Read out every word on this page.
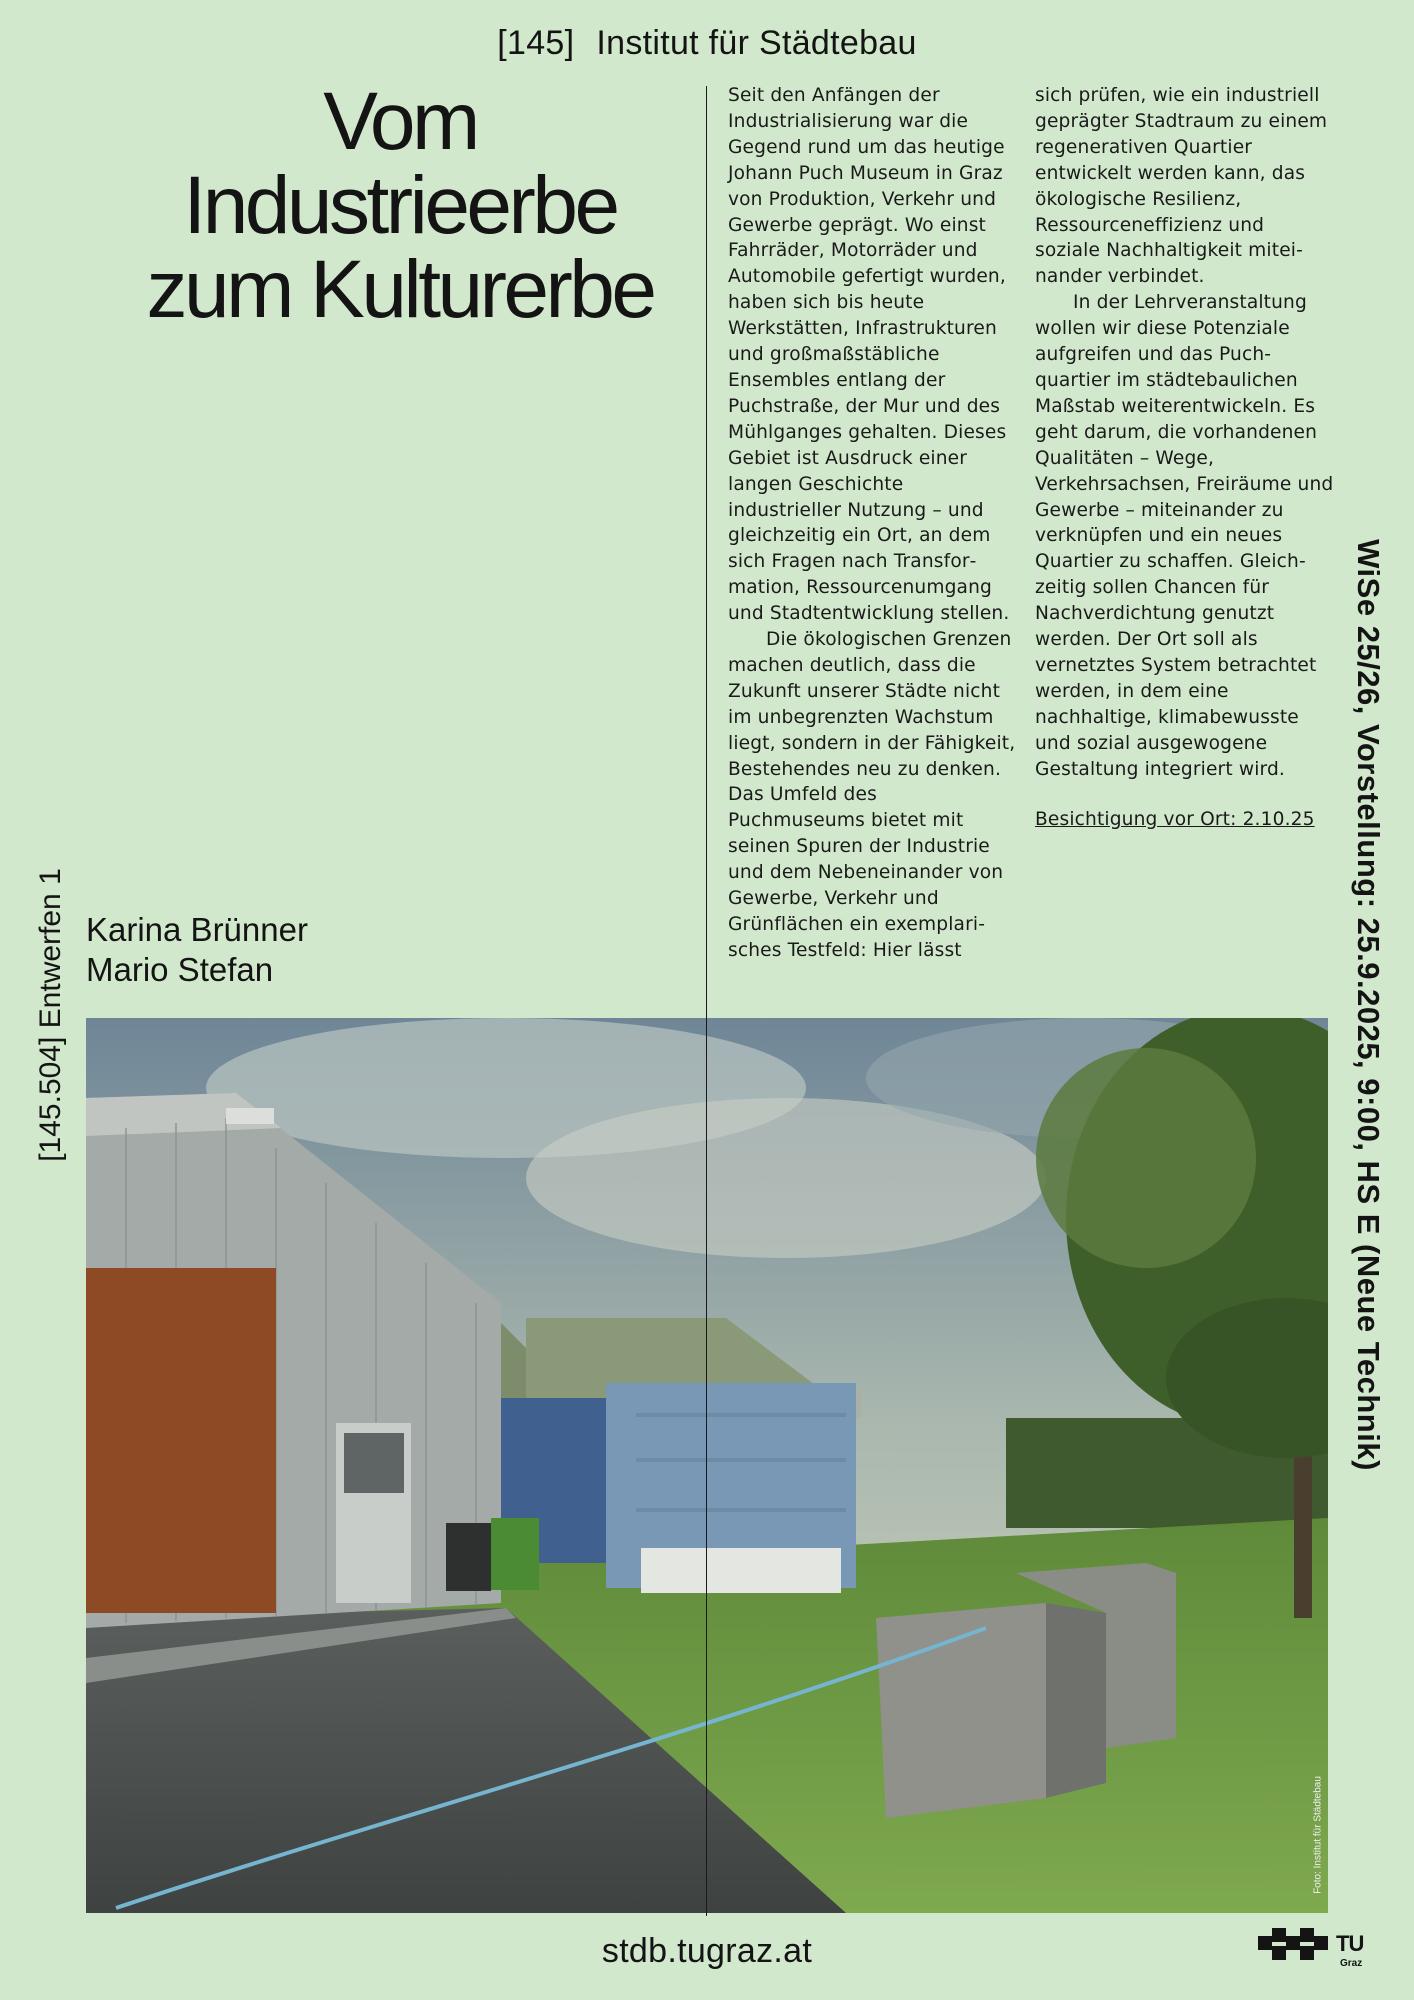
[145] Institut für Städtebau
Vom
Industrieerbe
zum Kulturerbe
Karina Brünner
Mario Stefan
[145.504] Entwerfen 1	WiSe 25/26, Vorstellung: 25.9.2025, 9:00, HS E (Neue Technik)

Seit den Anfängen der Industrialisierung war die Gegend rund um das heutige Johann Puch Museum in Graz von Produktion, Verkehr und Gewerbe geprägt. Wo einst Fahrräder, Motorräder und Automobile gefertigt wurden, haben sich bis heute Werkstätten, Infrastrukturen und großmaßstäbliche Ensembles entlang der Puchstraße, der Mur und des Mühlganges gehalten. Dieses Gebiet ist Ausdruck einer langen Geschichte industrieller Nutzung – und gleichzeitig ein Ort, an dem sich Fragen nach Transformation, Ressourcenumgang und Stadtentwicklung stellen.

Die ökologischen Grenzen machen deutlich, dass die Zukunft unserer Städte nicht im unbegrenzten Wachstum liegt, sondern in der Fähigkeit, Bestehendes neu zu denken. Das Umfeld des Puchmuseums bietet mit seinen Spuren der Industrie und dem Nebeneinander von Gewerbe, Verkehr und Grünflächen ein exemplarisches Testfeld: Hier lässt

sich prüfen, wie ein industriell geprägter Stadtraum zu einem regenerativen Quartier entwickelt werden kann, das ökologische Resilienz, Ressourceneffizienz und soziale Nachhaltigkeit miteinander verbindet.

In der Lehrveranstaltung wollen wir diese Potenziale aufgreifen und das Puchquartier im städtebaulichen Maßstab weiterentwickeln. Es geht darum, die vorhandenen Qualitäten – Wege, Verkehrsachsen, Freiräume und Gewerbe – miteinander zu verknüpfen und ein neues Quartier zu schaffen. Gleichzeitig sollen Chancen für Nachverdichtung genutzt werden. Der Ort soll als vernetztes System betrachtet werden, in dem eine nachhaltige, klimabewusste und sozial ausgewogene Gestaltung integriert wird.

Besichtigung vor Ort: 2.10.25

Foto: Institut für Städtebau
stdb.tugraz.at	TU
Graz
